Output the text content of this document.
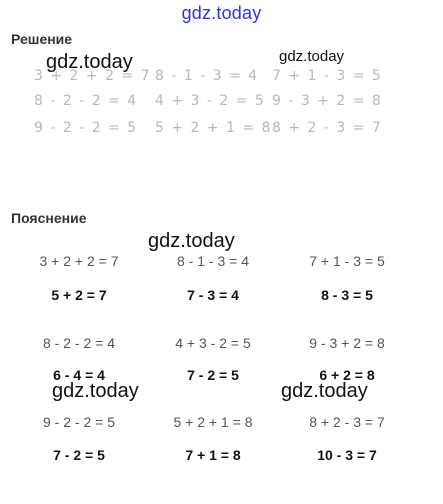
gdz.today
Решение
3 + 2 + 2 = 7 8 - 1 - 3 = 4 7 + 1 - 3 = 5
8 - 2 - 2 = 4 4 + 3 - 2 = 5 9 - 3 + 2 = 8
9 - 2 - 2 = 5 5 + 2 + 1 = 8 8 + 2 - 3 = 7
gdz.today	gdz.today
Пояснение
gdz.today
3 + 2 + 2 = 7	8 - 1 - 3 = 4	7 + 1 - 3 = 5
5 + 2 = 7	7 - 3 = 4	8 - 3 = 5
8 - 2 - 2 = 4	4 + 3 - 2 = 5	9 - 3 + 2 = 8
6 - 4 = 4	7 - 2 = 5	6 + 2 = 8
gdz.today	gdz.today
9 - 2 - 2 = 5	5 + 2 + 1 = 8	8 + 2 - 3 = 7
7 - 2 = 5	7 + 1 = 8	10 - 3 = 7
